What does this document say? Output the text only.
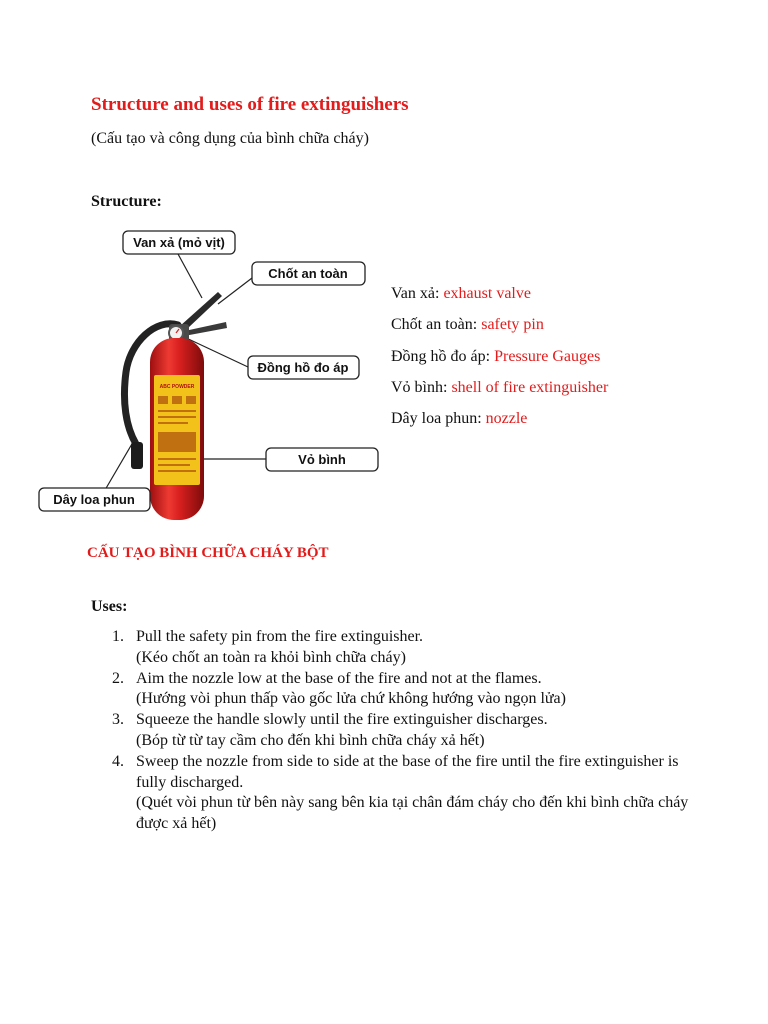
Structure and uses of fire extinguishers
(Cấu tạo và công dụng của bình chữa cháy)
Structure:
ABC POWDER
Van xả (mỏ vịt)
Chốt an toàn
Đồng hồ đo áp
Vỏ bình
Dây loa phun
CẤU TẠO BÌNH CHỮA CHÁY BỘT
Van xả: exhaust valve
Chốt an toàn: safety pin
Đồng hồ đo áp: Pressure Gauges
Vỏ bình: shell of fire extinguisher
Dây loa phun: nozzle
Uses:
1. Pull the safety pin from the fire extinguisher.
(Kéo chốt an toàn ra khỏi bình chữa cháy)
2. Aim the nozzle low at the base of the fire and not at the flames.
(Hướng vòi phun thấp vào gốc lửa chứ không hướng vào ngọn lửa)
3. Squeeze the handle slowly until the fire extinguisher discharges.
(Bóp từ từ tay cầm cho đến khi bình chữa cháy xả hết)
4. Sweep the nozzle from side to side at the base of the fire until the fire extinguisher is fully discharged.
(Quét vòi phun từ bên này sang bên kia tại chân đám cháy cho đến khi bình chữa cháy được xả hết)
